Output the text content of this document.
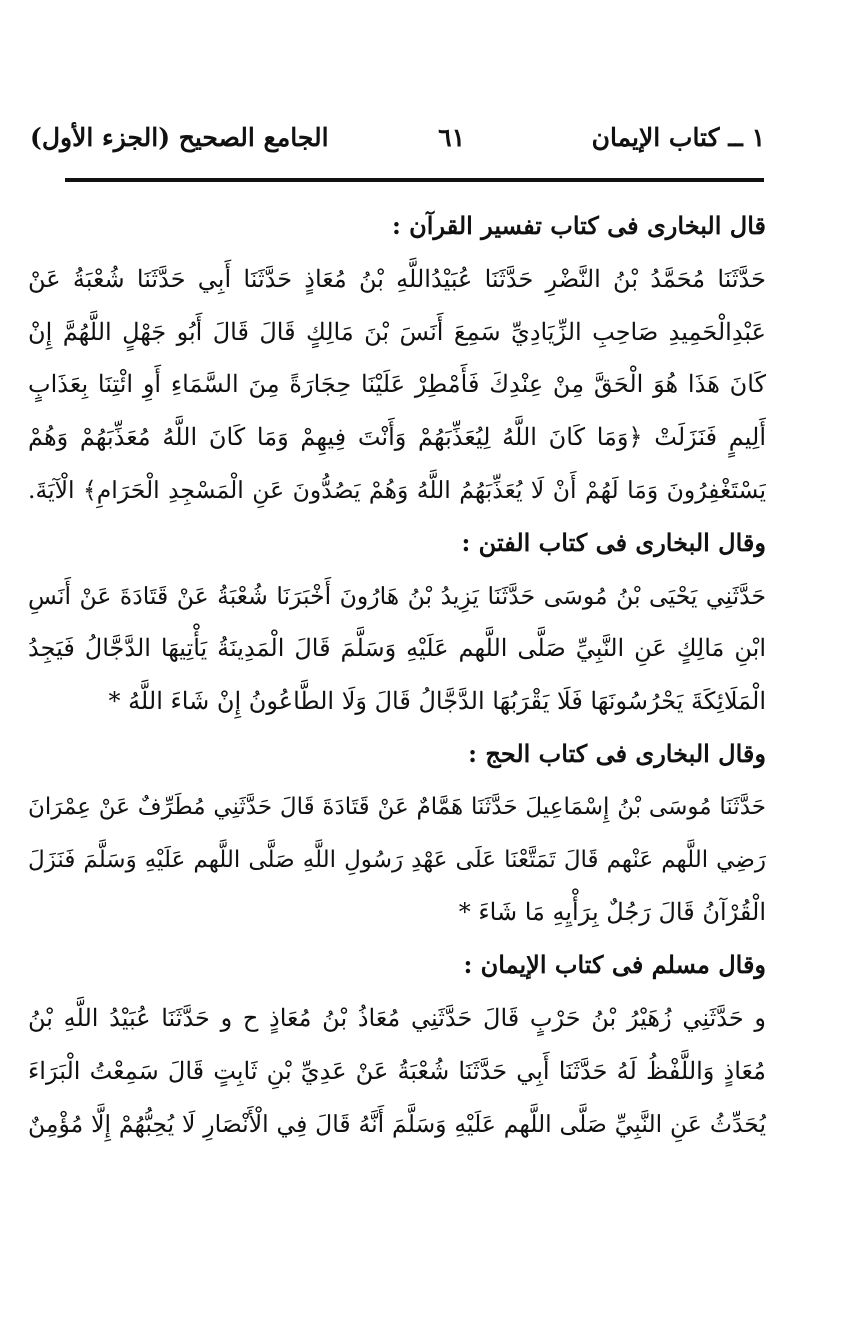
١ ــ كتاب الإيمان
٦١
الجامع الصحيح (الجزء الأول)
قال البخارى فى كتاب تفسير القرآن :
حَدَّثَنَا مُحَمَّدُ بْنُ النَّضْرِ حَدَّثَنَا عُبَيْدُاللَّهِ بْنُ مُعَاذٍ حَدَّثَنَا أَبِي حَدَّثَنَا شُعْبَةُ عَنْ
عَبْدِالْحَمِيدِ صَاحِبِ الزِّيَادِيِّ سَمِعَ أَنَسَ بْنَ مَالِكٍ قَالَ قَالَ أَبُو جَهْلٍ اللَّهُمَّ إِنْ
كَانَ هَذَا هُوَ الْحَقَّ مِنْ عِنْدِكَ فَأَمْطِرْ عَلَيْنَا حِجَارَةً مِنَ السَّمَاءِ أَوِ ائْتِنَا بِعَذَابٍ
أَلِيمٍ فَنَزَلَتْ ﴿وَمَا كَانَ اللَّهُ لِيُعَذِّبَهُمْ وَأَنْتَ فِيهِمْ وَمَا كَانَ اللَّهُ مُعَذِّبَهُمْ وَهُمْ
يَسْتَغْفِرُونَ وَمَا لَهُمْ أَنْ لَا يُعَذِّبَهُمُ اللَّهُ وَهُمْ يَصُدُّونَ عَنِ الْمَسْجِدِ الْحَرَامِ﴾ الْآيَةَ.
وقال البخارى فى كتاب الفتن :
حَدَّثَنِي يَحْيَى بْنُ مُوسَى حَدَّثَنَا يَزِيدُ بْنُ هَارُونَ أَخْبَرَنَا شُعْبَةُ عَنْ قَتَادَةَ عَنْ أَنَسِ
ابْنِ مَالِكٍ عَنِ النَّبِيِّ صَلَّى اللَّهم عَلَيْهِ وَسَلَّمَ قَالَ الْمَدِينَةُ يَأْتِيهَا الدَّجَّالُ فَيَجِدُ
الْمَلَائِكَةَ يَحْرُسُونَهَا فَلَا يَقْرَبُهَا الدَّجَّالُ قَالَ وَلَا الطَّاعُونُ إِنْ شَاءَ اللَّهُ *
وقال البخارى فى كتاب الحج :
حَدَّثَنَا مُوسَى بْنُ إِسْمَاعِيلَ حَدَّثَنَا هَمَّامٌ عَنْ قَتَادَةَ قَالَ حَدَّثَنِي مُطَرِّفٌ عَنْ عِمْرَانَ
رَضِي اللَّهم عَنْهم قَالَ تَمَتَّعْنَا عَلَى عَهْدِ رَسُولِ اللَّهِ صَلَّى اللَّهم عَلَيْهِ وَسَلَّمَ فَنَزَلَ
الْقُرْآنُ قَالَ رَجُلٌ بِرَأْيِهِ مَا شَاءَ *
وقال مسلم فى كتاب الإيمان :
و حَدَّثَنِي زُهَيْرُ بْنُ حَرْبٍ قَالَ حَدَّثَنِي مُعَاذُ بْنُ مُعَاذٍ ح و حَدَّثَنَا عُبَيْدُ اللَّهِ بْنُ
مُعَاذٍ وَاللَّفْظُ لَهُ حَدَّثَنَا أَبِي حَدَّثَنَا شُعْبَةُ عَنْ عَدِيِّ بْنِ ثَابِتٍ قَالَ سَمِعْتُ الْبَرَاءَ
يُحَدِّثُ عَنِ النَّبِيِّ صَلَّى اللَّهم عَلَيْهِ وَسَلَّمَ أَنَّهُ قَالَ فِي الْأَنْصَارِ لَا يُحِبُّهُمْ إِلَّا مُؤْمِنٌ
